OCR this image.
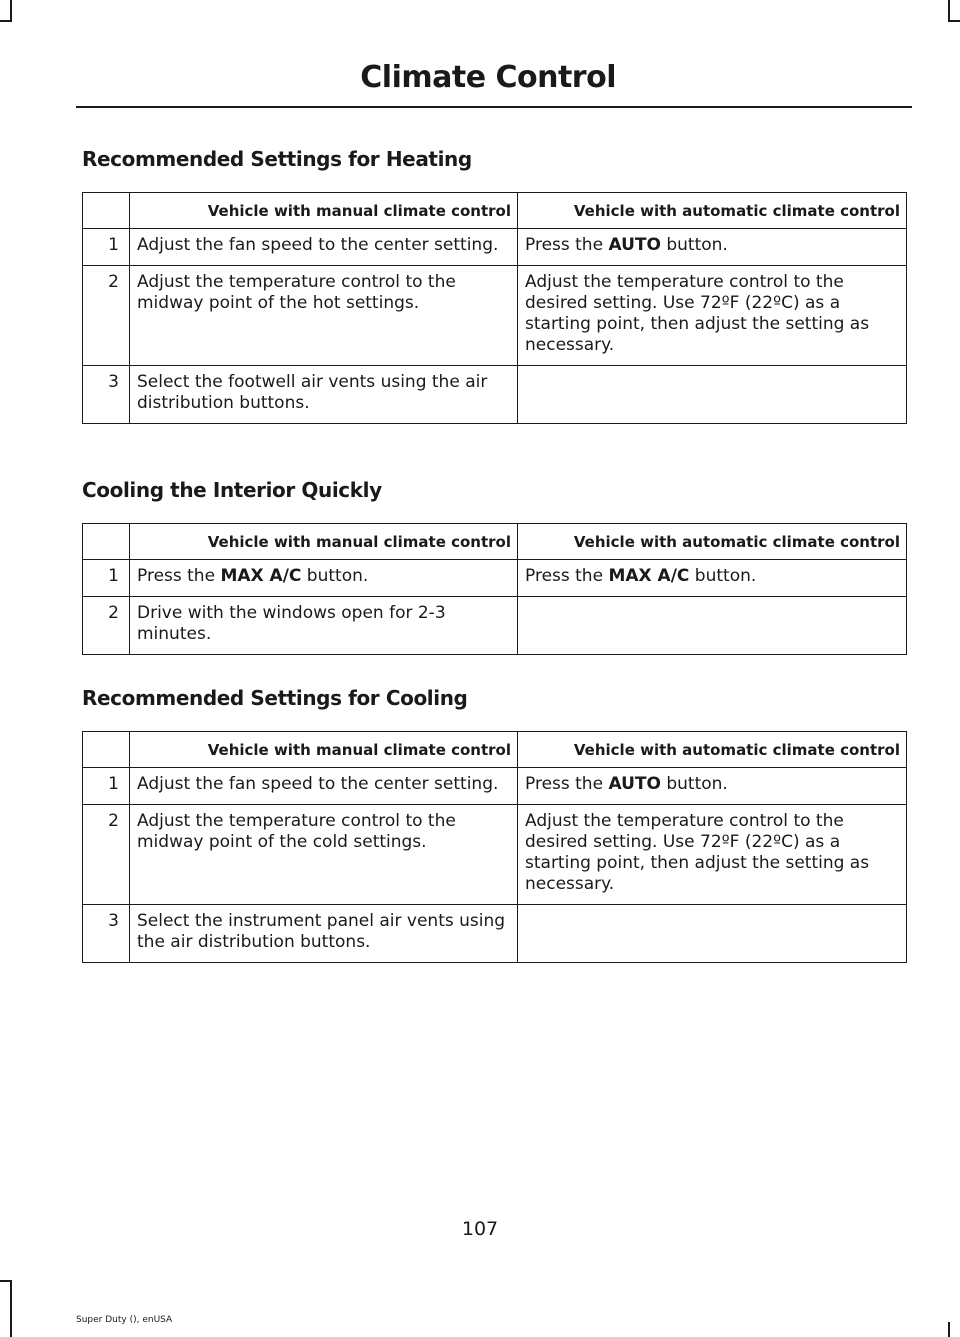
Climate Control
Recommended Settings for Heating
	Vehicle with manual climate control	Vehicle with automatic climate control
1	Adjust the fan speed to the center setting.	Press the AUTO button.
2	Adjust the temperature control to the midway point of the hot settings.	Adjust the temperature control to the desired setting. Use 72ºF (22ºC) as a starting point, then adjust the setting as necessary.
3	Select the footwell air vents using the air distribution buttons.	
Cooling the Interior Quickly
	Vehicle with manual climate control	Vehicle with automatic climate control
1	Press the MAX A/C button.	Press the MAX A/C button.
2	Drive with the windows open for 2-3 minutes.	
Recommended Settings for Cooling
	Vehicle with manual climate control	Vehicle with automatic climate control
1	Adjust the fan speed to the center setting.	Press the AUTO button.
2	Adjust the temperature control to the midway point of the cold settings.	Adjust the temperature control to the desired setting. Use 72ºF (22ºC) as a starting point, then adjust the setting as necessary.
3	Select the instrument panel air vents using the air distribution buttons.	
107
Super Duty (), enUSA
